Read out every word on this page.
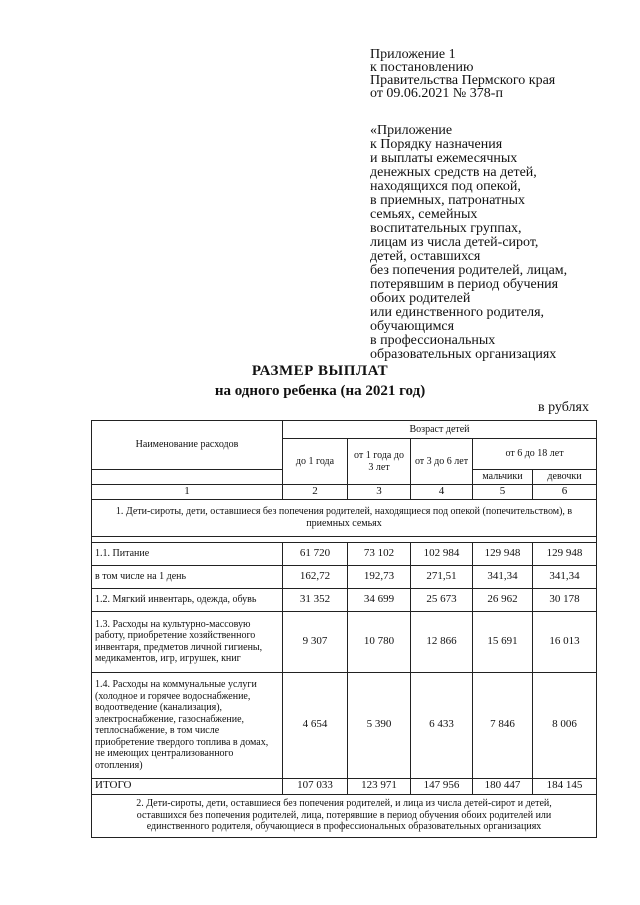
Приложение 1
к постановлению
Правительства Пермского края
от 09.06.2021 № 378-п
«Приложение
к Порядку назначения
и выплаты ежемесячных
денежных средств на детей,
находящихся под опекой,
в приемных, патронатных
семьях, семейных
воспитательных группах,
лицам из числа детей-сирот,
детей, оставшихся
без попечения родителей, лицам,
потерявшим в период обучения
обоих родителей
или единственного родителя,
обучающимся
в профессиональных
образовательных организациях
РАЗМЕР ВЫПЛАТ
на одного ребенка (на 2021 год)
в рублях
Наименование расходов	Возраст детей				
	до 1 года	от 1 года до 3 лет	от 3 до 6 лет	от 6 до 18 лет	
				мальчики	девочки
1	2	3	4	5	6
1. Дети-сироты, дети, оставшиеся без попечения родителей, находящиеся под опекой (попечительством), в приемных семьях					

1.1. Питание	61 720	73 102	102 984	129 948	129 948
в том числе на 1 день	162,72	192,73	271,51	341,34	341,34
1.2. Мягкий инвентарь, одежда, обувь	31 352	34 699	25 673	26 962	30 178
1.3. Расходы на культурно-массовую работу, приобретение хозяйственного инвентаря, предметов личной гигиены, медикаментов, игр, игрушек, книг	9 307	10 780	12 866	15 691	16 013
1.4. Расходы на коммунальные услуги (холодное и горячее водоснабжение, водоотведение (канализация), электроснабжение, газоснабжение, теплоснабжение, в том числе приобретение твердого топлива в домах, не имеющих централизованного отопления)	4 654	5 390	6 433	7 846	8 006
ИТОГО	107 033	123 971	147 956	180 447	184 145
2. Дети-сироты, дети, оставшиеся без попечения родителей, и лица из числа детей-сирот и детей, оставшихся без попечения родителей, лица, потерявшие в период обучения обоих родителей или единственного родителя, обучающиеся в профессиональных образовательных организациях					
